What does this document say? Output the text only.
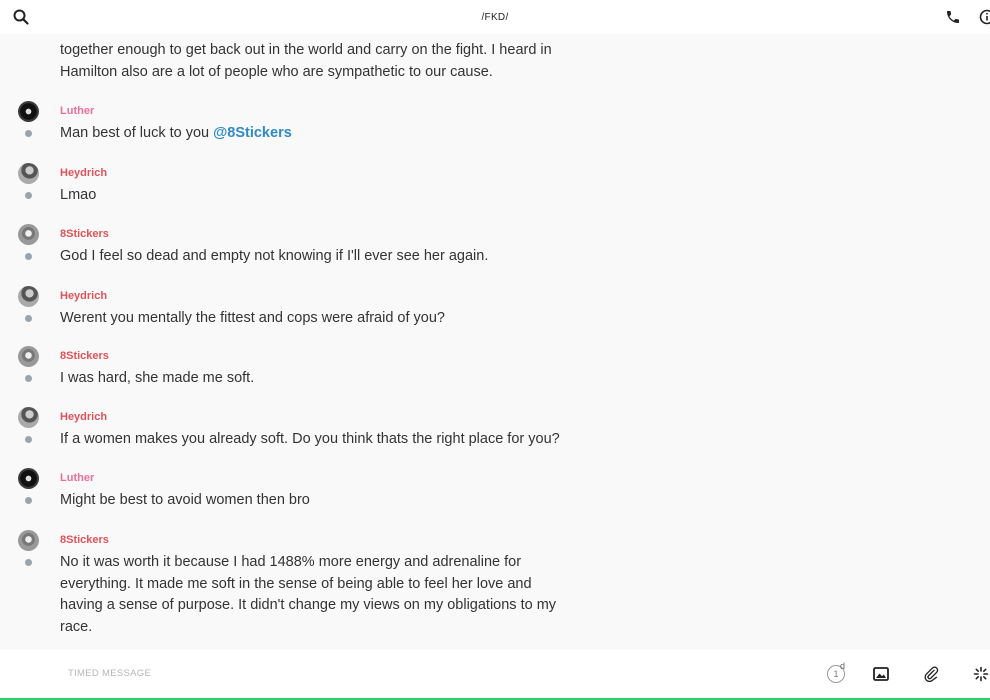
/FKD/
together enough to get back out in the world and carry on the fight. I heard in
Hamilton also are a lot of people who are sympathetic to our cause.
Luther
Man best of luck to you @8Stickers
Heydrich
Lmao
8Stickers
God I feel so dead and empty not knowing if I'll ever see her again.
Heydrich
Werent you mentally the fittest and cops were afraid of you?
8Stickers
I was hard, she made me soft.
Heydrich
If a women makes you already soft. Do you think thats the right place for you?
Luther
Might be best to avoid women then bro
8Stickers
No it was worth it because I had 1488% more energy and adrenaline for
everything. It made me soft in the sense of being able to feel her love and
having a sense of purpose. It didn't change my views on my obligations to my
race.
TIMED MESSAGE	1
d
